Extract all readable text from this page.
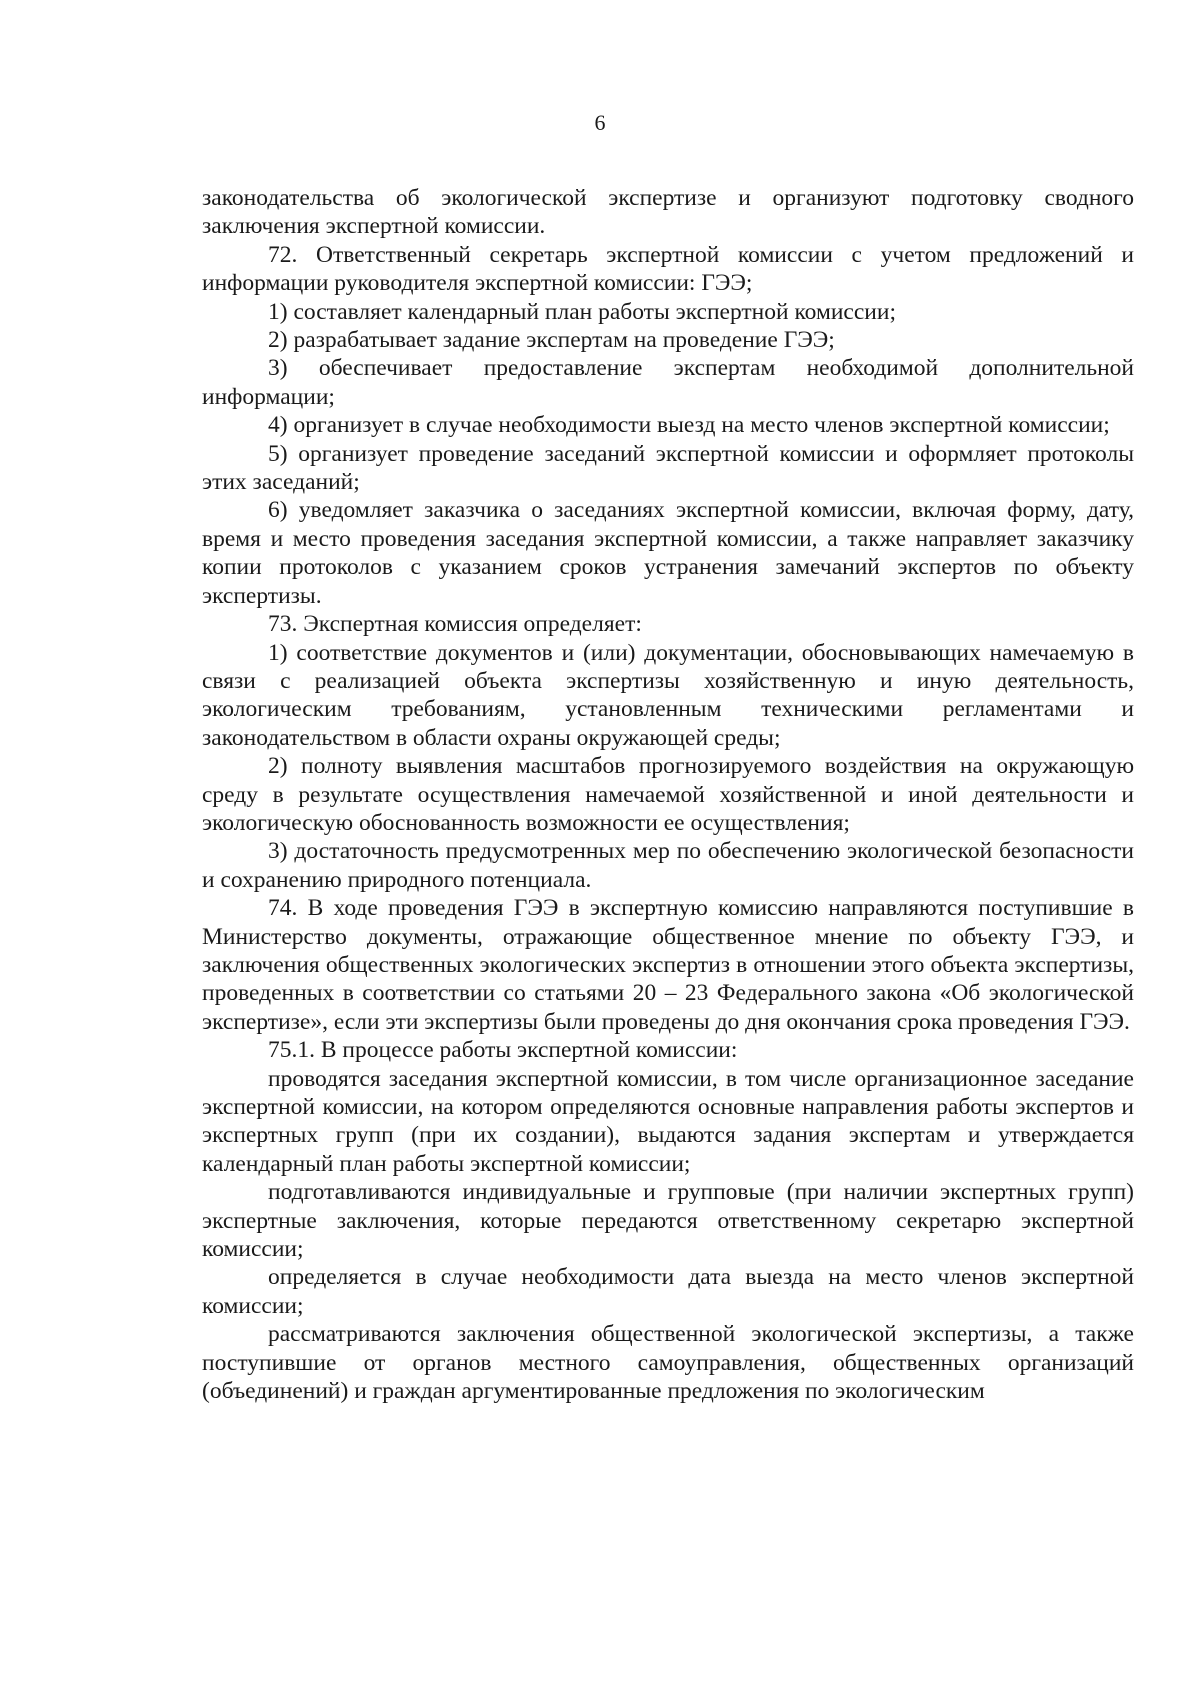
6

законодательства об экологической экспертизе и организуют подготовку сводного заключения экспертной комиссии.

72. Ответственный секретарь экспертной комиссии с учетом предложений и информации руководителя экспертной комиссии: ГЭЭ;

1) составляет календарный план работы экспертной комиссии;

2) разрабатывает задание экспертам на проведение ГЭЭ;

3) обеспечивает предоставление экспертам необходимой дополнительной информации;

4) организует в случае необходимости выезд на место членов экспертной комиссии;

5) организует проведение заседаний экспертной комиссии и оформляет протоколы этих заседаний;

6) уведомляет заказчика о заседаниях экспертной комиссии, включая форму, дату, время и место проведения заседания экспертной комиссии, а также направляет заказчику копии протоколов с указанием сроков устранения замечаний экспертов по объекту экспертизы.

73. Экспертная комиссия определяет:

1) соответствие документов и (или) документации, обосновывающих намечаемую в связи с реализацией объекта экспертизы хозяйственную и иную деятельность, экологическим требованиям, установленным техническими регламентами и законодательством в области охраны окружающей среды;

2) полноту выявления масштабов прогнозируемого воздействия на окружающую среду в результате осуществления намечаемой хозяйственной и иной деятельности и экологическую обоснованность возможности ее осуществления;

3) достаточность предусмотренных мер по обеспечению экологической безопасности и сохранению природного потенциала.

74. В ходе проведения ГЭЭ в экспертную комиссию направляются поступившие в Министерство документы, отражающие общественное мнение по объекту ГЭЭ, и заключения общественных экологических экспертиз в отношении этого объекта экспертизы, проведенных в соответствии со статьями 20 – 23 Федерального закона «Об экологической экспертизе», если эти экспертизы были проведены до дня окончания срока проведения ГЭЭ.

75.1. В процессе работы экспертной комиссии:

проводятся заседания экспертной комиссии, в том числе организационное заседание экспертной комиссии, на котором определяются основные направления работы экспертов и экспертных групп (при их создании), выдаются задания экспертам и утверждается календарный план работы экспертной комиссии;

подготавливаются индивидуальные и групповые (при наличии экспертных групп) экспертные заключения, которые передаются ответственному секретарю экспертной комиссии;

определяется в случае необходимости дата выезда на место членов экспертной комиссии;

рассматриваются заключения общественной экологической экспертизы, а также поступившие от органов местного самоуправления, общественных организаций (объединений) и граждан аргументированные предложения по экологическим
